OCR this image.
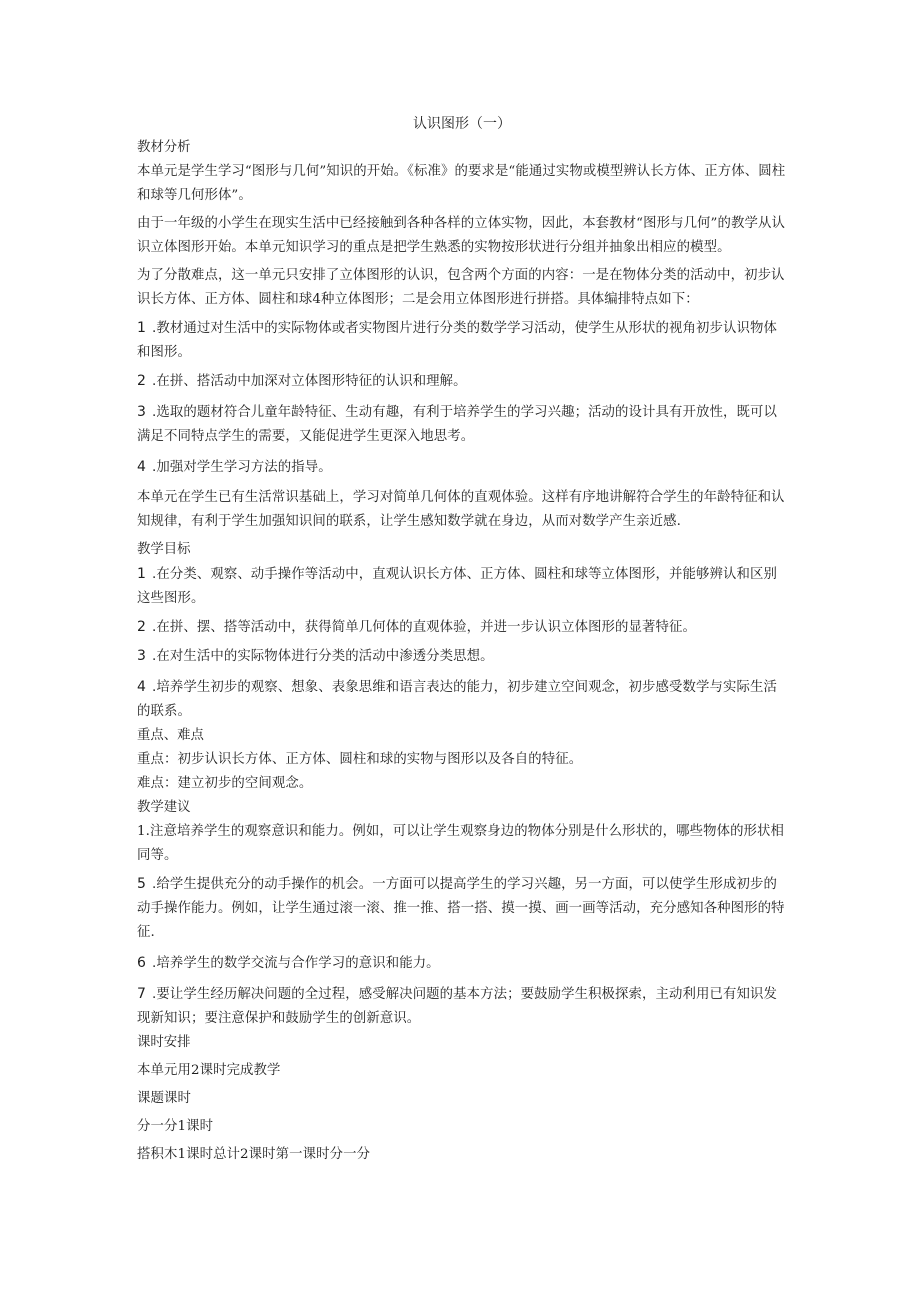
认识图形（一）

教材分析

本单元是学生学习“图形与几何”知识的开始。《标准》的要求是“能通过实物或模型辨认长方体、正方体、圆柱和球等几何形体”。

由于一年级的小学生在现实生活中已经接触到各种各样的立体实物，因此，本套教材“图形与几何”的教学从认识立体图形开始。本单元知识学习的重点是把学生熟悉的实物按形状进行分组并抽象出相应的模型。

为了分散难点，这一单元只安排了立体图形的认识，包含两个方面的内容：一是在物体分类的活动中，初步认识长方体、正方体、圆柱和球4种立体图形；二是会用立体图形进行拼搭。具体编排特点如下：

1 .教材通过对生活中的实际物体或者实物图片进行分类的数学学习活动，使学生从形状的视角初步认识物体和图形。

2 .在拼、搭活动中加深对立体图形特征的认识和理解。

3 .选取的题材符合儿童年龄特征、生动有趣，有利于培养学生的学习兴趣；活动的设计具有开放性，既可以满足不同特点学生的需要，又能促进学生更深入地思考。

4 .加强对学生学习方法的指导。

本单元在学生已有生活常识基础上，学习对简单几何体的直观体验。这样有序地讲解符合学生的年龄特征和认知规律，有利于学生加强知识间的联系，让学生感知数学就在身边，从而对数学产生亲近感.

教学目标

1 .在分类、观察、动手操作等活动中，直观认识长方体、正方体、圆柱和球等立体图形，并能够辨认和区别这些图形。

2 .在拼、摆、搭等活动中，获得简单几何体的直观体验，并进一步认识立体图形的显著特征。

3 .在对生活中的实际物体进行分类的活动中渗透分类思想。

4 .培养学生初步的观察、想象、表象思维和语言表达的能力，初步建立空间观念，初步感受数学与实际生活的联系。

重点、难点

重点：初步认识长方体、正方体、圆柱和球的实物与图形以及各自的特征。

难点：建立初步的空间观念。

教学建议

1.注意培养学生的观察意识和能力。例如，可以让学生观察身边的物体分别是什么形状的，哪些物体的形状相同等。

5 .给学生提供充分的动手操作的机会。一方面可以提高学生的学习兴趣，另一方面，可以使学生形成初步的动手操作能力。例如，让学生通过滚一滚、推一推、搭一搭、摸一摸、画一画等活动，充分感知各种图形的特征.

6 .培养学生的数学交流与合作学习的意识和能力。

7 .要让学生经历解决问题的全过程，感受解决问题的基本方法；要鼓励学生积极探索，主动利用已有知识发现新知识；要注意保护和鼓励学生的创新意识。

课时安排

本单元用2课时完成教学

课题课时

分一分1课时

搭积木1课时总计2课时第一课时分一分
